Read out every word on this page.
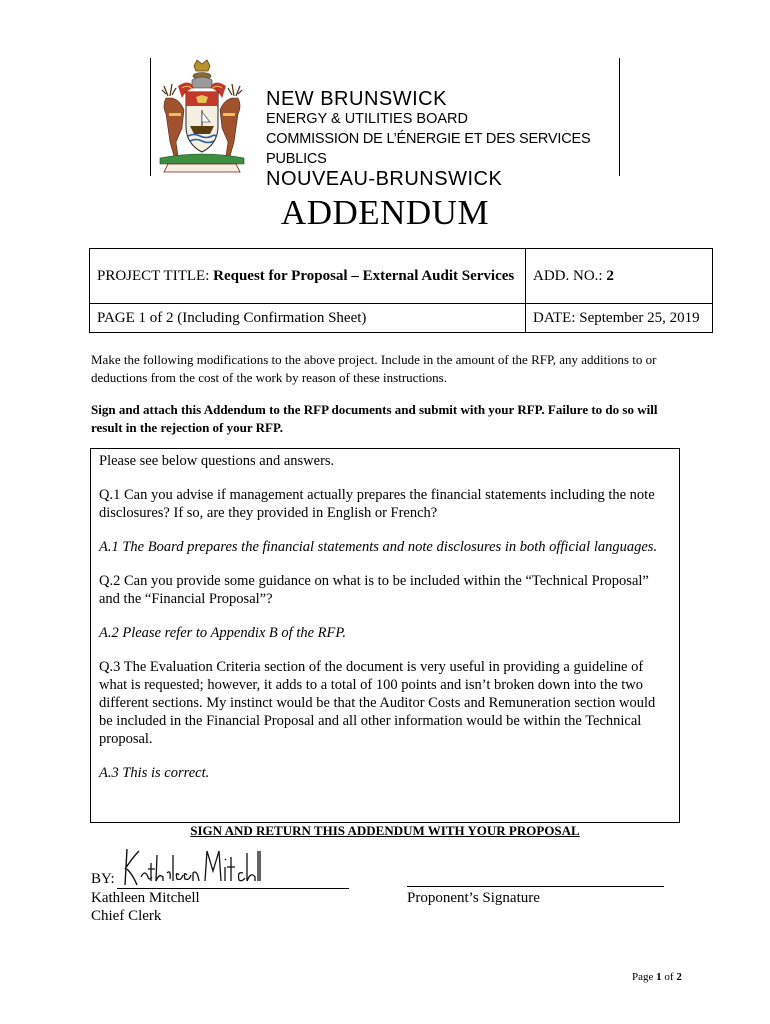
NEW BRUNSWICK
ENERGY & UTILITIES BOARD
COMMISSION DE L’ÉNERGIE ET DES SERVICES PUBLICS
NOUVEAU-BRUNSWICK
ADDENDUM
PROJECT TITLE: Request for Proposal – External Audit Services	ADD. NO.: 2
PAGE 1 of 2 (Including Confirmation Sheet)	DATE: September 25, 2019

Make the following modifications to the above project. Include in the amount of the RFP, any additions to or deductions from the cost of the work by reason of these instructions.

Sign and attach this Addendum to the RFP documents and submit with your RFP. Failure to do so will result in the rejection of your RFP.

Please see below questions and answers.

Q.1 Can you advise if management actually prepares the financial statements including the note disclosures? If so, are they provided in English or French?

A.1 The Board prepares the financial statements and note disclosures in both official languages.

Q.2 Can you provide some guidance on what is to be included within the “Technical Proposal” and the “Financial Proposal”?

A.2 Please refer to Appendix B of the RFP.

Q.3 The Evaluation Criteria section of the document is very useful in providing a guideline of what is requested; however, it adds to a total of 100 points and isn’t broken down into the two different sections. My instinct would be that the Auditor Costs and Remuneration section would be included in the Financial Proposal and all other information would be within the Technical proposal.

A.3 This is correct.

SIGN AND RETURN THIS ADDENDUM WITH YOUR PROPOSAL
BY:
Kathleen Mitchell
Chief Clerk
Proponent’s Signature
Page 1 of 2
